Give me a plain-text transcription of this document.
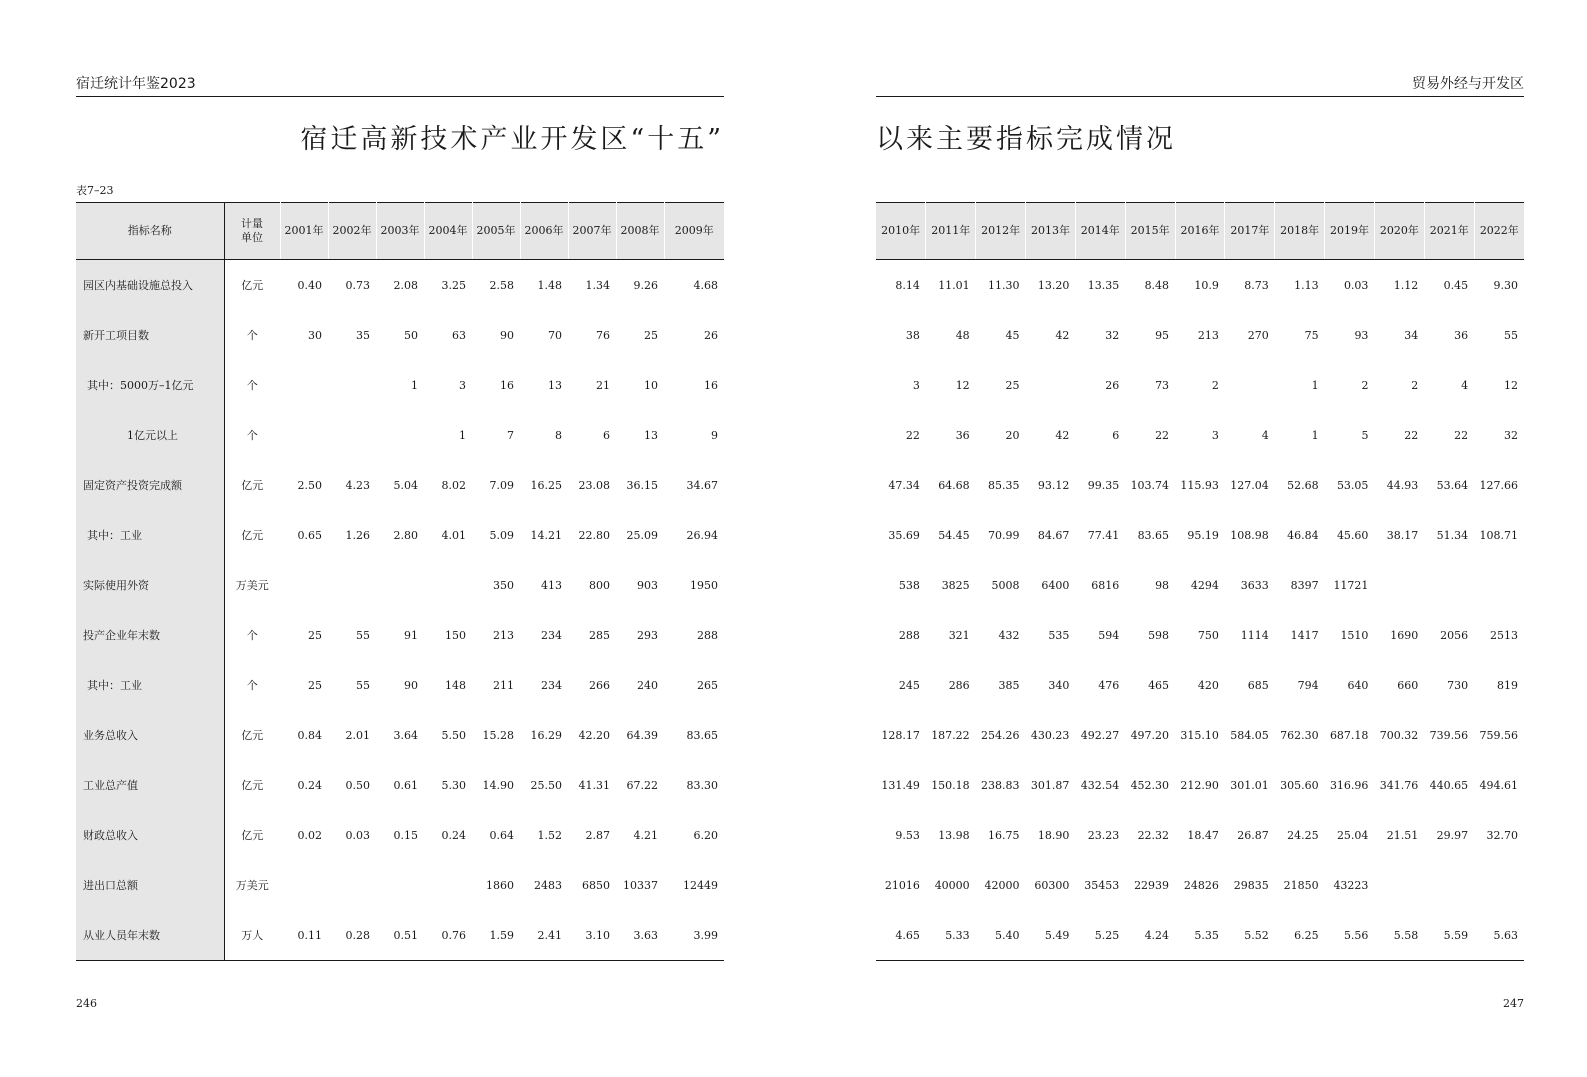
宿迁统计年鉴2023
宿迁高新技术产业开发区“十五”
表7–23
指标名称	计量
单位	2001年	2002年	2003年	2004年	2005年	2006年	2007年	2008年	2009年
园区内基础设施总投入	亿元	0.40	0.73	2.08	3.25	2.58	1.48	1.34	9.26	4.68
新开工项目数	个	30	35	50	63	90	70	76	25	26
其中：5000万–1亿元	个			1	3	16	13	21	10	16
1亿元以上	个				1	7	8	6	13	9
固定资产投资完成额	亿元	2.50	4.23	5.04	8.02	7.09	16.25	23.08	36.15	34.67
其中：工业	亿元	0.65	1.26	2.80	4.01	5.09	14.21	22.80	25.09	26.94
实际使用外资	万美元					350	413	800	903	1950
投产企业年末数	个	25	55	91	150	213	234	285	293	288
其中：工业	个	25	55	90	148	211	234	266	240	265
业务总收入	亿元	0.84	2.01	3.64	5.50	15.28	16.29	42.20	64.39	83.65
工业总产值	亿元	0.24	0.50	0.61	5.30	14.90	25.50	41.31	67.22	83.30
财政总收入	亿元	0.02	0.03	0.15	0.24	0.64	1.52	2.87	4.21	6.20
进出口总额	万美元					1860	2483	6850	10337	12449
从业人员年末数	万人	0.11	0.28	0.51	0.76	1.59	2.41	3.10	3.63	3.99
246
贸易外经与开发区
以来主要指标完成情况
2010年	2011年	2012年	2013年	2014年	2015年	2016年	2017年	2018年	2019年	2020年	2021年	2022年
8.14	11.01	11.30	13.20	13.35	8.48	10.9	8.73	1.13	0.03	1.12	0.45	9.30
38	48	45	42	32	95	213	270	75	93	34	36	55
3	12	25		26	73	2		1	2	2	4	12
22	36	20	42	6	22	3	4	1	5	22	22	32
47.34	64.68	85.35	93.12	99.35	103.74	115.93	127.04	52.68	53.05	44.93	53.64	127.66
35.69	54.45	70.99	84.67	77.41	83.65	95.19	108.98	46.84	45.60	38.17	51.34	108.71
538	3825	5008	6400	6816	98	4294	3633	8397	11721			
288	321	432	535	594	598	750	1114	1417	1510	1690	2056	2513
245	286	385	340	476	465	420	685	794	640	660	730	819
128.17	187.22	254.26	430.23	492.27	497.20	315.10	584.05	762.30	687.18	700.32	739.56	759.56
131.49	150.18	238.83	301.87	432.54	452.30	212.90	301.01	305.60	316.96	341.76	440.65	494.61
9.53	13.98	16.75	18.90	23.23	22.32	18.47	26.87	24.25	25.04	21.51	29.97	32.70
21016	40000	42000	60300	35453	22939	24826	29835	21850	43223			
4.65	5.33	5.40	5.49	5.25	4.24	5.35	5.52	6.25	5.56	5.58	5.59	5.63
247
